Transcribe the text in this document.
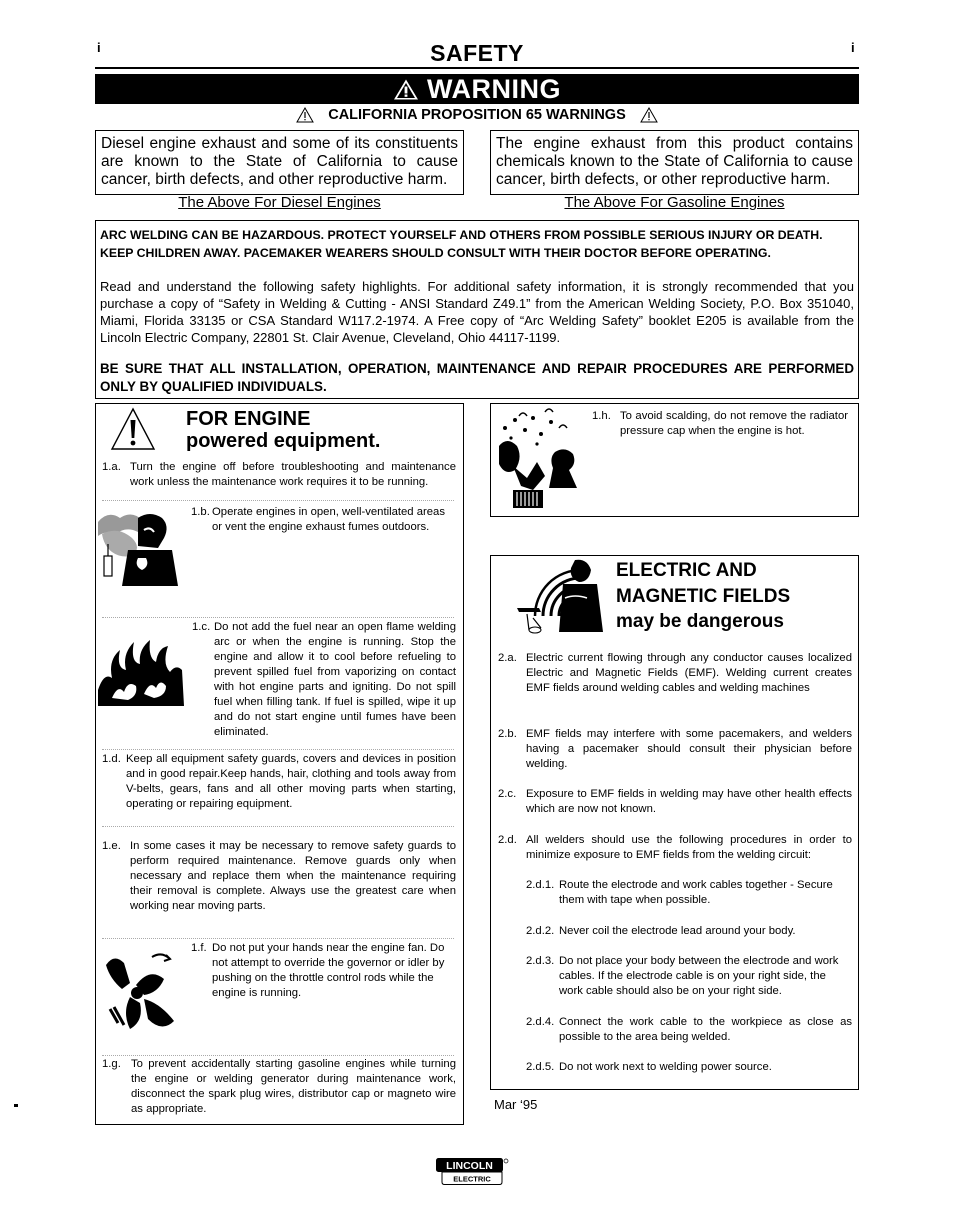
i	i
SAFETY
WARNING
CALIFORNIA PROPOSITION 65 WARNINGS
Diesel engine exhaust and some of its constituents are known to the State of California to cause cancer, birth defects, and other reproductive harm.
The engine exhaust from this product contains chemicals known to the State of California to cause cancer, birth defects, or other reproductive harm.
The Above For Diesel Engines	The Above For Gasoline Engines

ARC WELDING CAN BE HAZARDOUS. PROTECT YOURSELF AND OTHERS FROM POSSIBLE SERIOUS INJURY OR DEATH. KEEP CHILDREN AWAY. PACEMAKER WEARERS SHOULD CONSULT WITH THEIR DOCTOR BEFORE OPERATING.

Read and understand the following safety highlights. For additional safety information, it is strongly recommended that you purchase a copy of “Safety in Welding & Cutting - ANSI Standard Z49.1” from the American Welding Society, P.O. Box 351040, Miami, Florida 33135 or CSA Standard W117.2-1974. A Free copy of “Arc Welding Safety” booklet E205 is available from the Lincoln Electric Company, 22801 St. Clair Avenue, Cleveland, Ohio 44117-1199.

BE SURE THAT ALL INSTALLATION, OPERATION, MAINTENANCE AND REPAIR PROCEDURES ARE PERFORMED ONLY BY QUALIFIED INDIVIDUALS.

FOR ENGINE
powered equipment.
1.a. Turn the engine off before troubleshooting and maintenance work unless the maintenance work requires it to be running.
1.b. Operate engines in open, well-ventilated areas or vent the engine exhaust fumes outdoors.
1.c. Do not add the fuel near an open flame welding arc or when the engine is running. Stop the engine and allow it to cool before refueling to prevent spilled fuel from vaporizing on contact with hot engine parts and igniting. Do not spill fuel when filling tank. If fuel is spilled, wipe it up and do not start engine until fumes have been eliminated.
1.d. Keep all equipment safety guards, covers and devices in position and in good repair.Keep hands, hair, clothing and tools away from V-belts, gears, fans and all other moving parts when starting, operating or repairing equipment.
1.e. In some cases it may be necessary to remove safety guards to perform required maintenance. Remove guards only when necessary and replace them when the maintenance requiring their removal is complete. Always use the greatest care when working near moving parts.
1.f. Do not put your hands near the engine fan. Do not attempt to override the governor or idler by pushing on the throttle control rods while the engine is running.
1.g. To prevent accidentally starting gasoline engines while turning the engine or welding generator during maintenance work, disconnect the spark plug wires, distributor cap or magneto wire as appropriate.
1.h. To avoid scalding, do not remove the radiator pressure cap when the engine is hot.
ELECTRIC AND
MAGNETIC FIELDS
may be dangerous
2.a. Electric current flowing through any conductor causes localized Electric and Magnetic Fields (EMF). Welding current creates EMF fields around welding cables and welding machines
2.b. EMF fields may interfere with some pacemakers, and welders having a pacemaker should consult their physician before welding.
2.c. Exposure to EMF fields in welding may have other health effects which are now not known.
2.d. All welders should use the following procedures in order to minimize exposure to EMF fields from the welding circuit:
2.d.1. Route the electrode and work cables together - Secure them with tape when possible.
2.d.2. Never coil the electrode lead around your body.
2.d.3. Do not place your body between the electrode and work cables. If the electrode cable is on your right side, the work cable should also be on your right side.
2.d.4. Connect the work cable to the workpiece as close as possible to the area being welded.
2.d.5. Do not work next to welding power source.
Mar ‘95
LINCOLN
ELECTRIC
